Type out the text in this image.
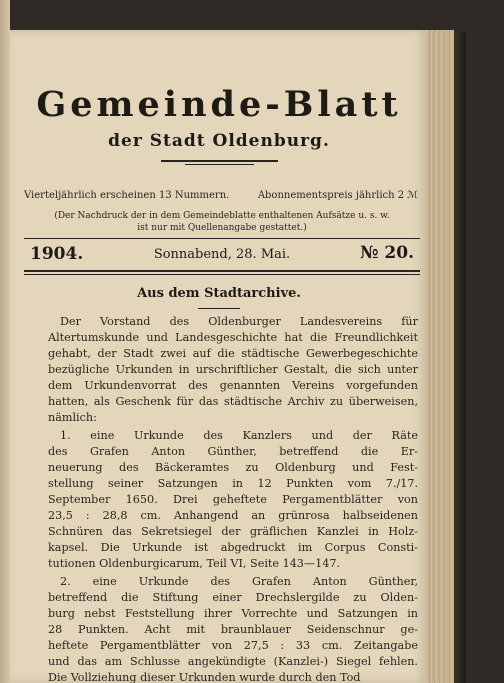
Gemeinde-Blatt
der Stadt Oldenburg.
Vierteljährlich erscheinen 13 Nummern.	Abonnementspreis jährlich 2 ℳ
(Der Nachdruck der in dem Gemeindeblatte enthaltenen Aufsätze u. s. w.
ist nur mit Quellenangabe gestattet.)
1904.	Sonnabend, 28. Mai.	№ 20.
Aus dem Stadtarchive.
Der Vorstand des Oldenburger Landesvereins für
Altertumskunde und Landesgeschichte hat die Freundlichkeit
gehabt, der Stadt zwei auf die städtische Gewerbegeschichte
bezügliche Urkunden in urschriftlicher Gestalt, die sich unter
dem Urkundenvorrat des genannten Vereins vorgefunden
hatten, als Geschenk für das städtische Archiv zu überweisen,
nämlich:
1. eine Urkunde des Kanzlers und der Räte
des Grafen Anton Günther, betreffend die Er-
neuerung des Bäckeramtes zu Oldenburg und Fest-
stellung seiner Satzungen in 12 Punkten vom 7./17.
September 1650. Drei geheftete Pergamentblätter von
23,5 : 28,8 cm. Anhangend an grünrosa halbseidenen
Schnüren das Sekretsiegel der gräflichen Kanzlei in Holz-
kapsel. Die Urkunde ist abgedruckt im Corpus Consti-
tutionen Oldenburgicarum, Teil VI, Seite 143—147.
2. eine Urkunde des Grafen Anton Günther,
betreffend die Stiftung einer Drechslergilde zu Olden-
burg nebst Feststellung ihrer Vorrechte und Satzungen in
28 Punkten. Acht mit braunblauer Seidenschnur ge-
heftete Pergamentblätter von 27,5 : 33 cm. Zeitangabe
und das am Schlusse angekündigte (Kanzlei-) Siegel fehlen.
Die Vollziehung dieser Urkunden wurde durch den Tod
